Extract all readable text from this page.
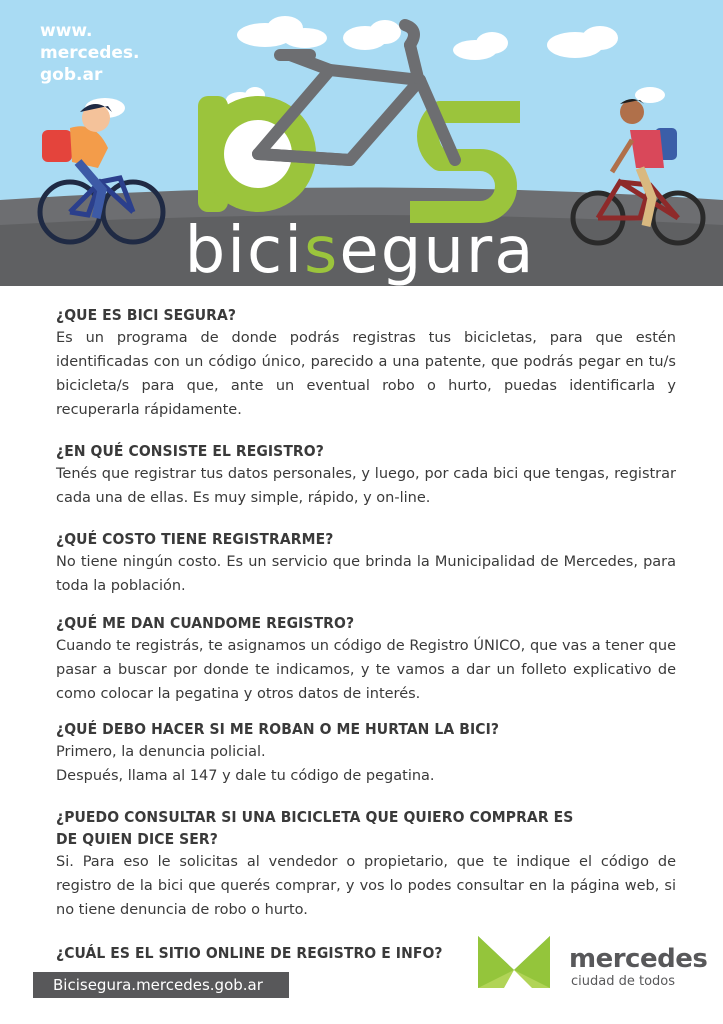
www.
mercedes.
gob.ar
bicisegura

¿QUE ES BICI SEGURA?

Es un programa de donde podrás registras tus bicicletas, para que estén identificadas con un código único, parecido a una patente, que podrás pegar en tu/s bicicleta/s para que, ante un eventual robo o hurto, puedas identificarla y recuperarla rápidamente.

¿EN QUÉ CONSISTE EL REGISTRO?

Tenés que registrar tus datos personales, y luego, por cada bici que tengas, registrar cada una de ellas. Es muy simple, rápido, y on-line.

¿QUÉ COSTO TIENE REGISTRARME?

No tiene ningún costo. Es un servicio que brinda la Municipalidad de Mercedes, para toda la población.

¿QUÉ ME DAN CUANDOME REGISTRO?

Cuando te registrás, te asignamos un código de Registro ÚNICO, que vas a tener que pasar a buscar por donde te indicamos, y te vamos a dar un folleto explicativo de como colocar la pegatina y otros datos de interés.

¿QUÉ DEBO HACER SI ME ROBAN O ME HURTAN LA BICI?

Primero, la denuncia policial.

Después, llama al 147 y dale tu código de pegatina.

¿PUEDO CONSULTAR SI UNA BICICLETA QUE QUIERO COMPRAR ES

DE QUIEN DICE SER?

Si. Para eso le solicitas al vendedor o propietario, que te indique el código de registro de la bici que querés comprar, y vos lo podes consultar en la página web, si no tiene denuncia de robo o hurto.

¿CUÁL ES EL SITIO ONLINE DE REGISTRO E INFO?

Bicisegura.mercedes.gob.ar
mercedes
ciudad de todos
